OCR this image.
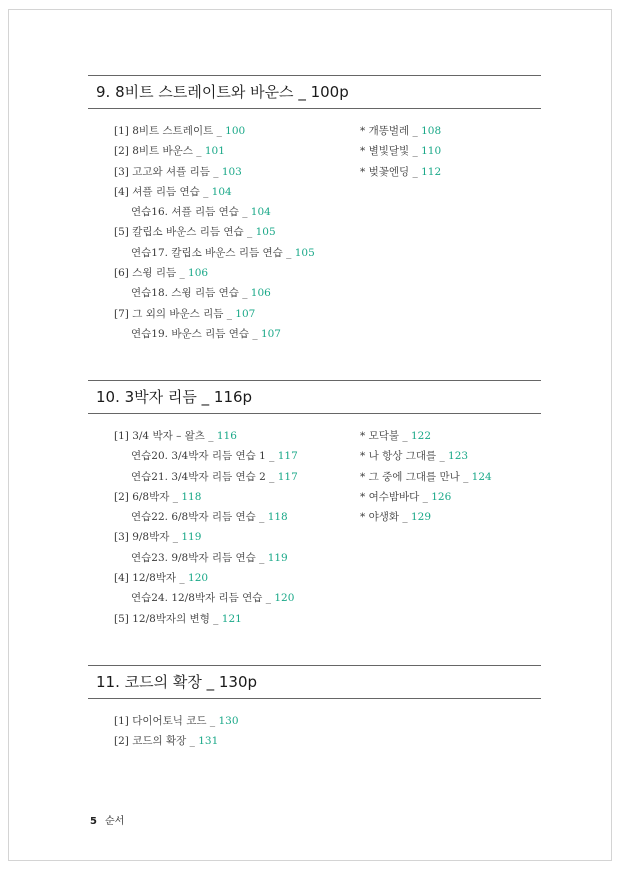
9. 8비트 스트레이트와 바운스 _ 100p
[1] 8비트 스트레이트 _ 100
[2] 8비트 바운스 _ 101
[3] 고고와 셔플 리듬 _ 103
[4] 셔플 리듬 연습 _ 104
연습16. 셔플 리듬 연습 _ 104
[5] 칼립소 바운스 리듬 연습 _ 105
연습17. 칼립소 바운스 리듬 연습 _ 105
[6] 스윙 리듬 _ 106
연습18. 스윙 리듬 연습 _ 106
[7] 그 외의 바운스 리듬 _ 107
연습19. 바운스 리듬 연습 _ 107
* 개똥벌레 _ 108
* 별빛달빛 _ 110
* 벚꽃엔딩 _ 112
10. 3박자 리듬 _ 116p
[1] 3/4 박자 – 왈츠 _ 116
연습20. 3/4박자 리듬 연습 1 _ 117
연습21. 3/4박자 리듬 연습 2 _ 117
[2] 6/8박자 _ 118
연습22. 6/8박자 리듬 연습 _ 118
[3] 9/8박자 _ 119
연습23. 9/8박자 리듬 연습 _ 119
[4] 12/8박자 _ 120
연습24. 12/8박자 리듬 연습 _ 120
[5] 12/8박자의 변형 _ 121
* 모닥불 _ 122
* 나 항상 그대를 _ 123
* 그 중에 그대를 만나 _ 124
* 여수밤바다 _ 126
* 야생화 _ 129
11. 코드의 확장 _ 130p
[1] 다이어토닉 코드 _ 130
[2] 코드의 확장 _ 131
5 순서
